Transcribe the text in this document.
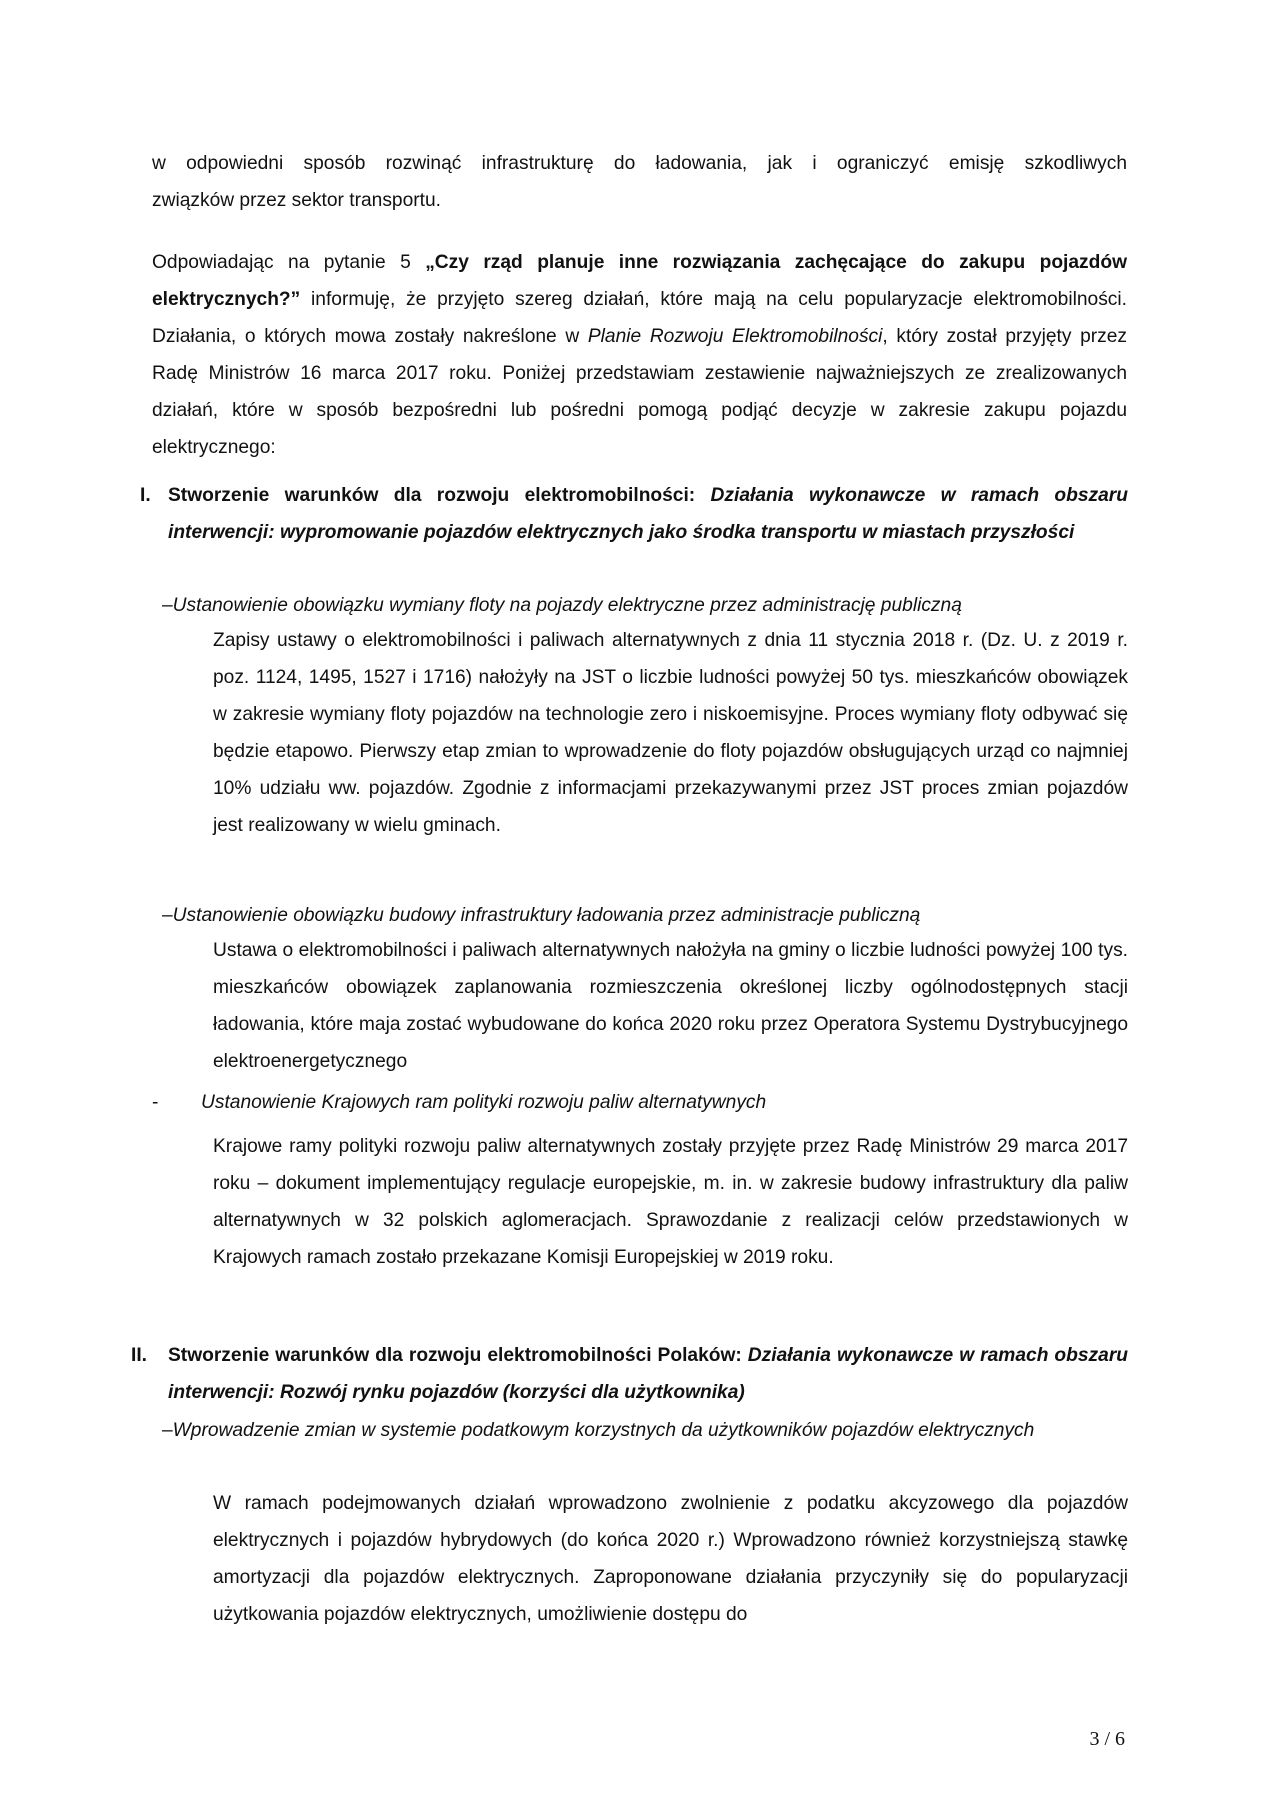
w odpowiedni sposób rozwinąć infrastrukturę do ładowania, jak i ograniczyć emisję szkodliwych

związków przez sektor transportu.

Odpowiadając na pytanie 5 „Czy rząd planuje inne rozwiązania zachęcające do zakupu pojazdów elektrycznych?” informuję, że przyjęto szereg działań, które mają na celu popularyzacje elektromobilności. Działania, o których mowa zostały nakreślone w Planie Rozwoju Elektromobilności, który został przyjęty przez Radę Ministrów 16 marca 2017 roku. Poniżej przedstawiam zestawienie najważniejszych ze zrealizowanych działań, które w sposób bezpośredni lub pośredni pomogą podjąć decyzje w zakresie zakupu pojazdu elektrycznego:

I. Stworzenie warunków dla rozwoju elektromobilności: Działania wykonawcze w ramach obszaru interwencji: wypromowanie pojazdów elektrycznych jako środka transportu w miastach przyszłości
–Ustanowienie obowiązku wymiany floty na pojazdy elektryczne przez administrację publiczną
Zapisy ustawy o elektromobilności i paliwach alternatywnych z dnia 11 stycznia 2018 r. (Dz. U. z 2019 r. poz. 1124, 1495, 1527 i 1716) nałożyły na JST o liczbie ludności powyżej 50 tys. mieszkańców obowiązek w zakresie wymiany floty pojazdów na technologie zero i niskoemisyjne. Proces wymiany floty odbywać się będzie etapowo. Pierwszy etap zmian to wprowadzenie do floty pojazdów obsługujących urząd co najmniej 10% udziału ww. pojazdów. Zgodnie z informacjami przekazywanymi przez JST proces zmian pojazdów jest realizowany w wielu gminach.
–Ustanowienie obowiązku budowy infrastruktury ładowania przez administracje publiczną
Ustawa o elektromobilności i paliwach alternatywnych nałożyła na gminy o liczbie ludności powyżej 100 tys. mieszkańców obowiązek zaplanowania rozmieszczenia określonej liczby ogólnodostępnych stacji ładowania, które maja zostać wybudowane do końca 2020 roku przez Operatora Systemu Dystrybucyjnego elektroenergetycznego
- Ustanowienie Krajowych ram polityki rozwoju paliw alternatywnych
Krajowe ramy polityki rozwoju paliw alternatywnych zostały przyjęte przez Radę Ministrów 29 marca 2017 roku – dokument implementujący regulacje europejskie, m. in. w zakresie budowy infrastruktury dla paliw alternatywnych w 32 polskich aglomeracjach. Sprawozdanie z realizacji celów przedstawionych w Krajowych ramach zostało przekazane Komisji Europejskiej w 2019 roku.
II. Stworzenie warunków dla rozwoju elektromobilności Polaków: Działania wykonawcze w ramach obszaru interwencji: Rozwój rynku pojazdów (korzyści dla użytkownika)
–Wprowadzenie zmian w systemie podatkowym korzystnych da użytkowników pojazdów elektrycznych
W ramach podejmowanych działań wprowadzono zwolnienie z podatku akcyzowego dla pojazdów elektrycznych i pojazdów hybrydowych (do końca 2020 r.) Wprowadzono również korzystniejszą stawkę amortyzacji dla pojazdów elektrycznych. Zaproponowane działania przyczyniły się do popularyzacji użytkowania pojazdów elektrycznych, umożliwienie dostępu do
3 / 6
